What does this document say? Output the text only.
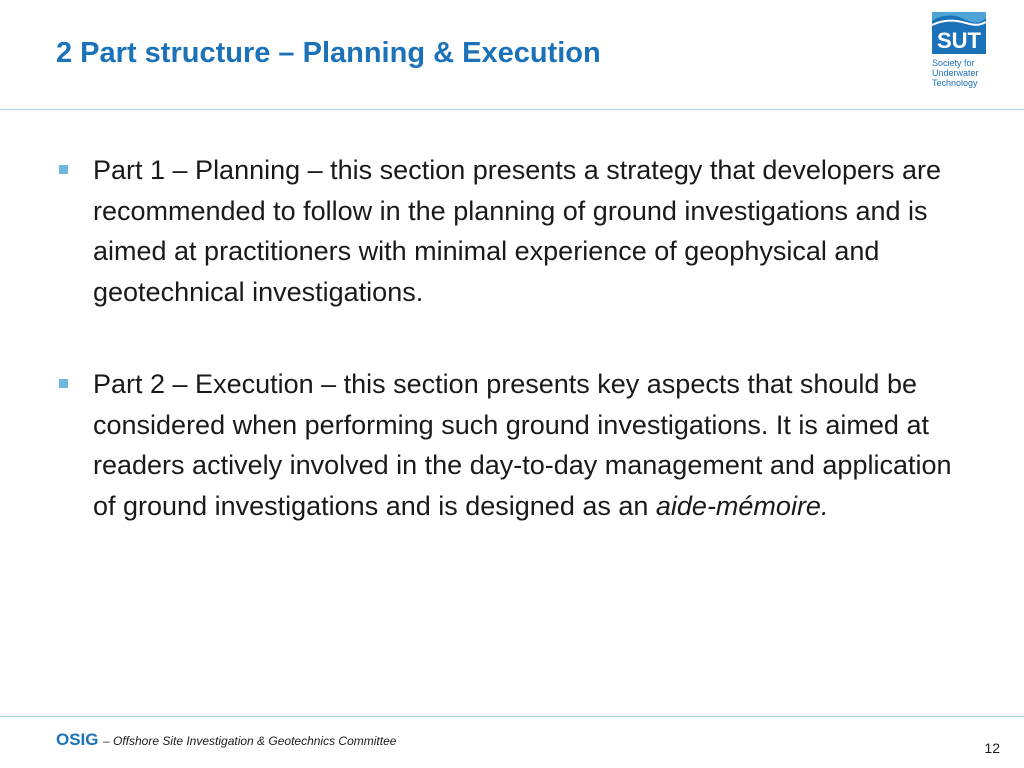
2 Part structure – Planning & Execution	SUT
Society for
Underwater
Technology
Part 1 – Planning – this section presents a strategy that developers are recommended to follow in the planning of ground investigations and is aimed at practitioners with minimal experience of geophysical and geotechnical investigations.
Part 2 – Execution – this section presents key aspects that should be considered when performing such ground investigations. It is aimed at readers actively involved in the day-to-day management and application of ground investigations and is designed as an aide-mémoire.
OSIG – Offshore Site Investigation & Geotechnics Committee	12
